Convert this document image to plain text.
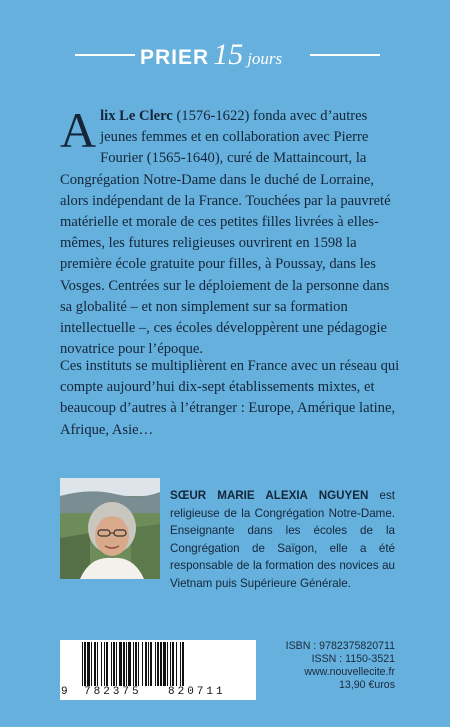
PRIER 15 jours
Alix Le Clerc (1576-1622) fonda avec d’autres jeunes femmes et en collaboration avec Pierre Fourier (1565-1640), curé de Mattaincourt, la Congrégation Notre-Dame dans le duché de Lorraine, alors indépendant de la France. Touchées par la pauvreté matérielle et morale de ces petites filles livrées à elles-mêmes, les futures religieuses ouvrirent en 1598 la première école gratuite pour filles, à Poussay, dans les Vosges. Centrées sur le déploiement de la personne dans sa globalité – et non simplement sur sa formation intellectuelle –, ces écoles développèrent une pédagogie novatrice pour l’époque.
Ces instituts se multiplièrent en France avec un réseau qui compte aujourd’hui dix-sept établissements mixtes, et beaucoup d’autres à l’étranger : Europe, Amérique latine, Afrique, Asie…
SŒUR MARIE ALEXIA NGUYEN est religieuse de la Congrégation Notre-Dame. Enseignante dans les écoles de la Congrégation de Saïgon, elle a été responsable de la formation des novices au Vietnam puis Supérieure Générale.
9 782375 820711
ISBN : 9782375820711
ISSN : 1150-3521
www.nouvellecite.fr
13,90 €uros
